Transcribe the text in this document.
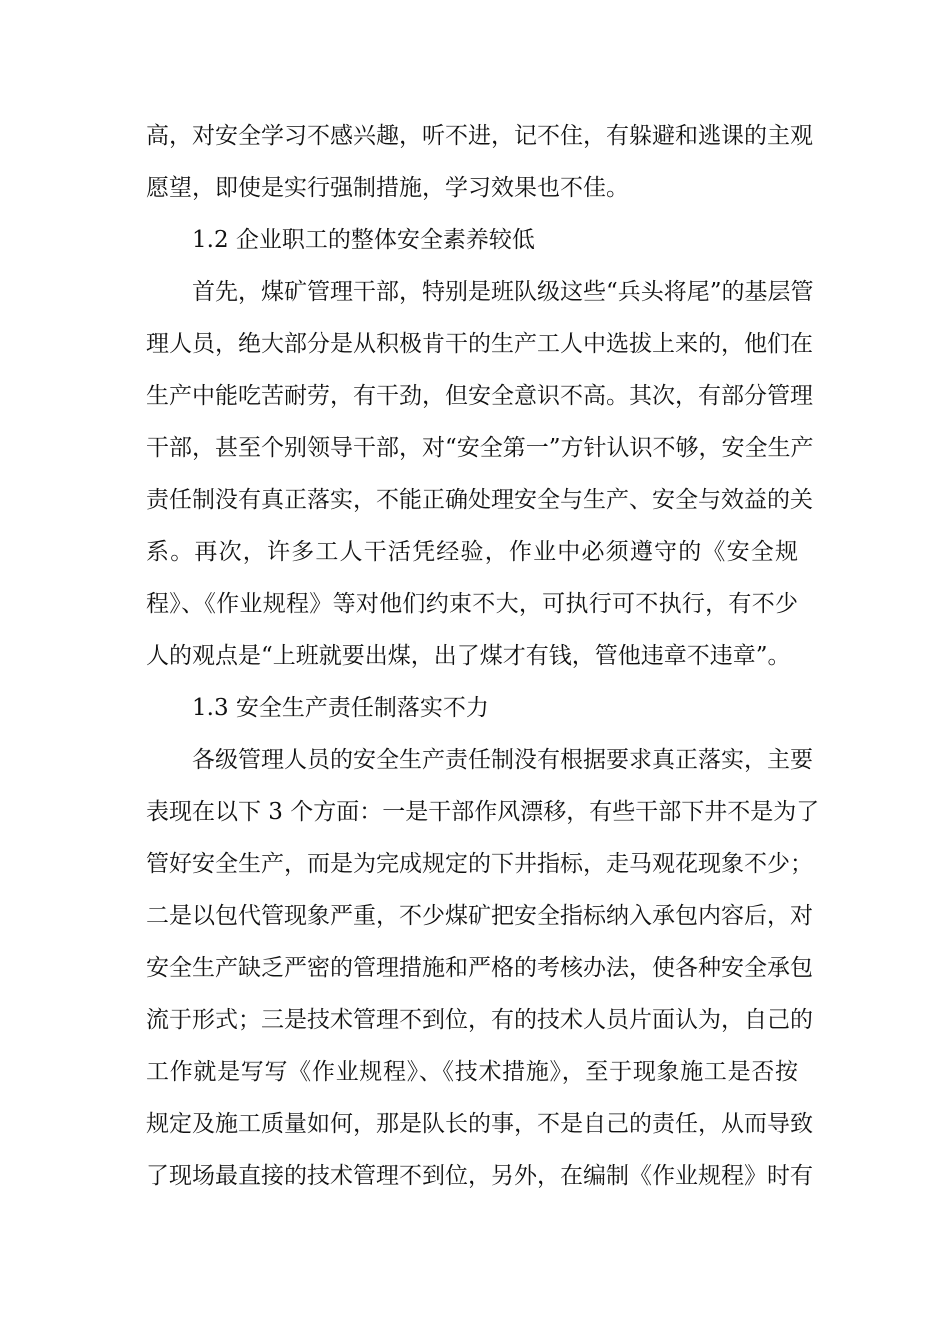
高，对安全学习不感兴趣，听不进，记不住，有躲避和逃课的主观
愿望，即使是实行强制措施，学习效果也不佳。
1.2 企业职工的整体安全素养较低
首先，煤矿管理干部，特别是班队级这些“兵头将尾”的基层管
理人员，绝大部分是从积极肯干的生产工人中选拔上来的，他们在
生产中能吃苦耐劳，有干劲，但安全意识不高。其次，有部分管理
干部，甚至个别领导干部，对“安全第一”方针认识不够，安全生产
责任制没有真正落实，不能正确处理安全与生产、安全与效益的关
系。再次，许多工人干活凭经验，作业中必须遵守的《安全规
程》、《作业规程》等对他们约束不大，可执行可不执行，有不少
人的观点是“上班就要出煤，出了煤才有钱，管他违章不违章”。
1.3 安全生产责任制落实不力
各级管理人员的安全生产责任制没有根据要求真正落实，主要
表现在以下 3 个方面：一是干部作风漂移，有些干部下井不是为了
管好安全生产，而是为完成规定的下井指标，走马观花现象不少；
二是以包代管现象严重，不少煤矿把安全指标纳入承包内容后，对
安全生产缺乏严密的管理措施和严格的考核办法，使各种安全承包
流于形式；三是技术管理不到位，有的技术人员片面认为，自己的
工作就是写写《作业规程》、《技术措施》，至于现象施工是否按
规定及施工质量如何，那是队长的事，不是自己的责任，从而导致
了现场最直接的技术管理不到位，另外，在编制《作业规程》时有
